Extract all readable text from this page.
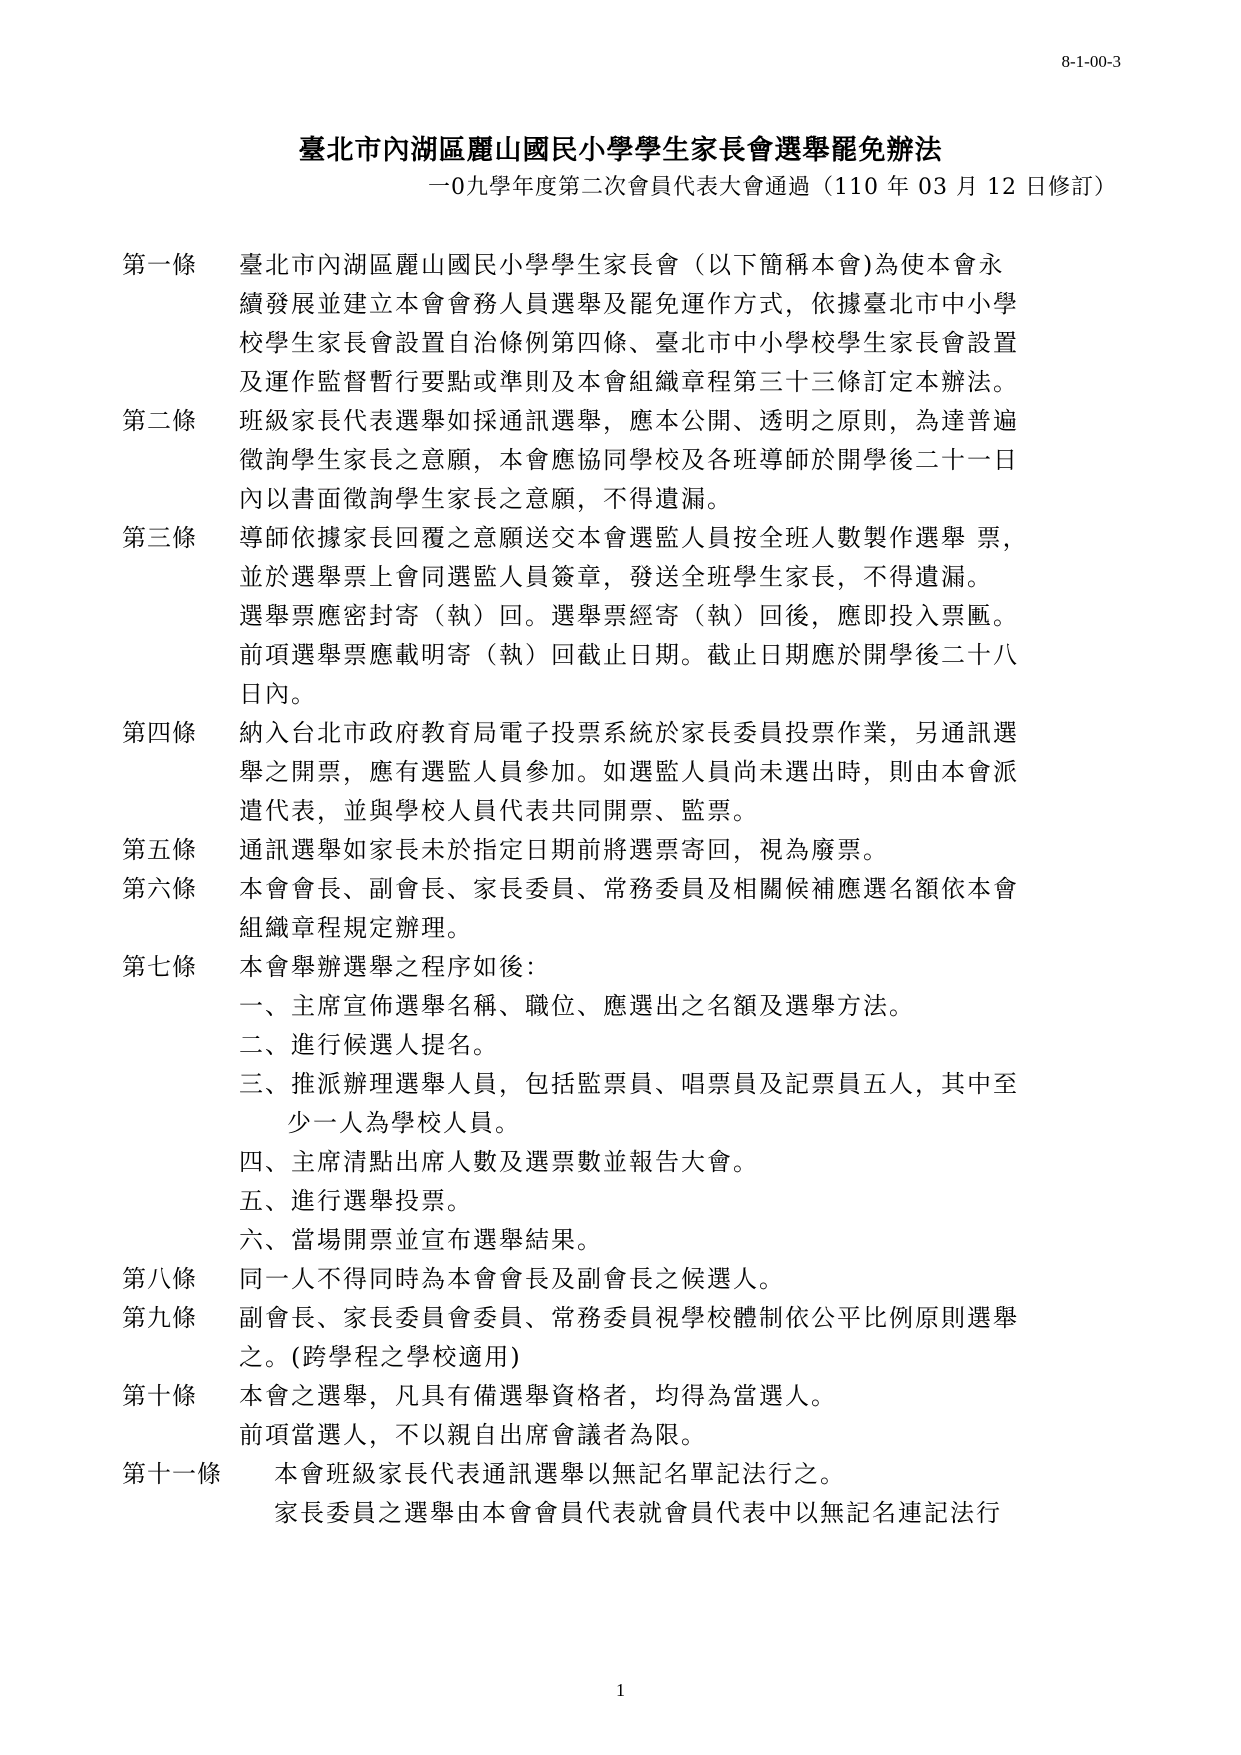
8-1-00-3
臺北市內湖區麗山國民小學學生家長會選舉罷免辦法
一0九學年度第二次會員代表大會通過（110 年 03 月 12 日修訂）
第一條	臺北市內湖區麗山國民小學學生家長會（以下簡稱本會)為使本會永

續發展並建立本會會務人員選舉及罷免運作方式，依據臺北市中小學

校學生家長會設置自治條例第四條、臺北市中小學校學生家長會設置

及運作監督暫行要點或準則及本會組織章程第三十三條訂定本辦法。

第二條	班級家長代表選舉如採通訊選舉，應本公開、透明之原則，為達普遍

徵詢學生家長之意願，本會應協同學校及各班導師於開學後二十一日

內以書面徵詢學生家長之意願，不得遺漏。

第三條	導師依據家長回覆之意願送交本會選監人員按全班人數製作選舉 票，

並於選舉票上會同選監人員簽章，發送全班學生家長，不得遺漏。

選舉票應密封寄（執）回。選舉票經寄（執）回後，應即投入票匭。

前項選舉票應載明寄（執）回截止日期。截止日期應於開學後二十八

日內。

第四條	納入台北市政府教育局電子投票系統於家長委員投票作業，另通訊選

舉之開票，應有選監人員參加。如選監人員尚未選出時，則由本會派

遣代表，並與學校人員代表共同開票、監票。

第五條	通訊選舉如家長未於指定日期前將選票寄回，視為廢票。

第六條	本會會長、副會長、家長委員、常務委員及相關候補應選名額依本會

組織章程規定辦理。

第七條	本會舉辦選舉之程序如後：

一、主席宣佈選舉名稱、職位、應選出之名額及選舉方法。

二、進行候選人提名。

三、推派辦理選舉人員，包括監票員、唱票員及記票員五人，其中至

少一人為學校人員。

四、主席清點出席人數及選票數並報告大會。

五、進行選舉投票。

六、當場開票並宣布選舉結果。

第八條	同一人不得同時為本會會長及副會長之候選人。

第九條	副會長、家長委員會委員、常務委員視學校體制依公平比例原則選舉

之。(跨學程之學校適用)

第十條	本會之選舉，凡具有備選舉資格者，均得為當選人。

前項當選人，不以親自出席會議者為限。

第十一條	本會班級家長代表通訊選舉以無記名單記法行之。

家長委員之選舉由本會會員代表就會員代表中以無記名連記法行

1
